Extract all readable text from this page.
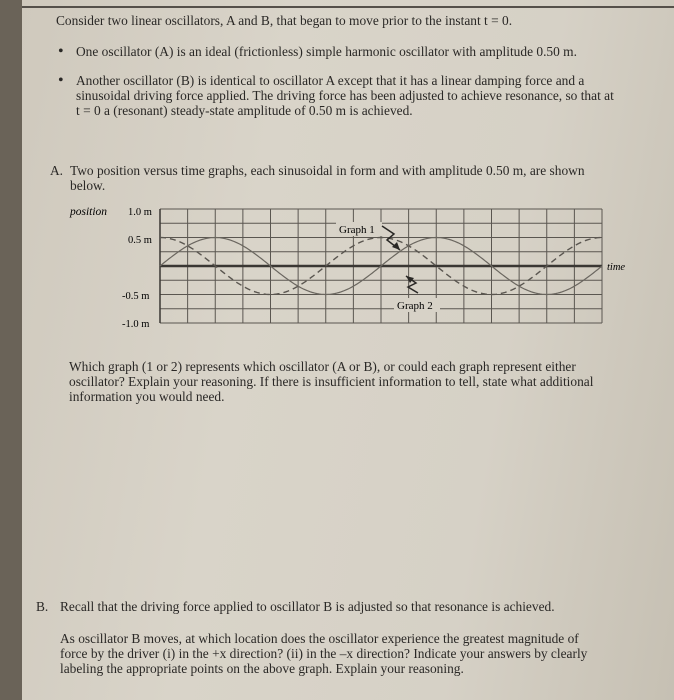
Consider two linear oscillators, A and B, that began to move prior to the instant t = 0.

• One oscillator (A) is an ideal (frictionless) simple harmonic oscillator with amplitude 0.50 m.

• Another oscillator (B) is identical to oscillator A except that it has a linear damping force and a

sinusoidal driving force applied. The driving force has been adjusted to achieve resonance, so that at

t = 0 a (resonant) steady-state amplitude of 0.50 m is achieved.

A. Two position versus time graphs, each sinusoidal in form and with amplitude 0.50 m, are shown

below.

position 1.0 m
0.5 m
-0.5 m
-1.0 m
time
Graph 1
Graph 2

Which graph (1 or 2) represents which oscillator (A or B), or could each graph represent either

oscillator? Explain your reasoning. If there is insufficient information to tell, state what additional

information you would need.

B. Recall that the driving force applied to oscillator B is adjusted so that resonance is achieved.

As oscillator B moves, at which location does the oscillator experience the greatest magnitude of

force by the driver (i) in the +x direction? (ii) in the –x direction? Indicate your answers by clearly

labeling the appropriate points on the above graph. Explain your reasoning.
